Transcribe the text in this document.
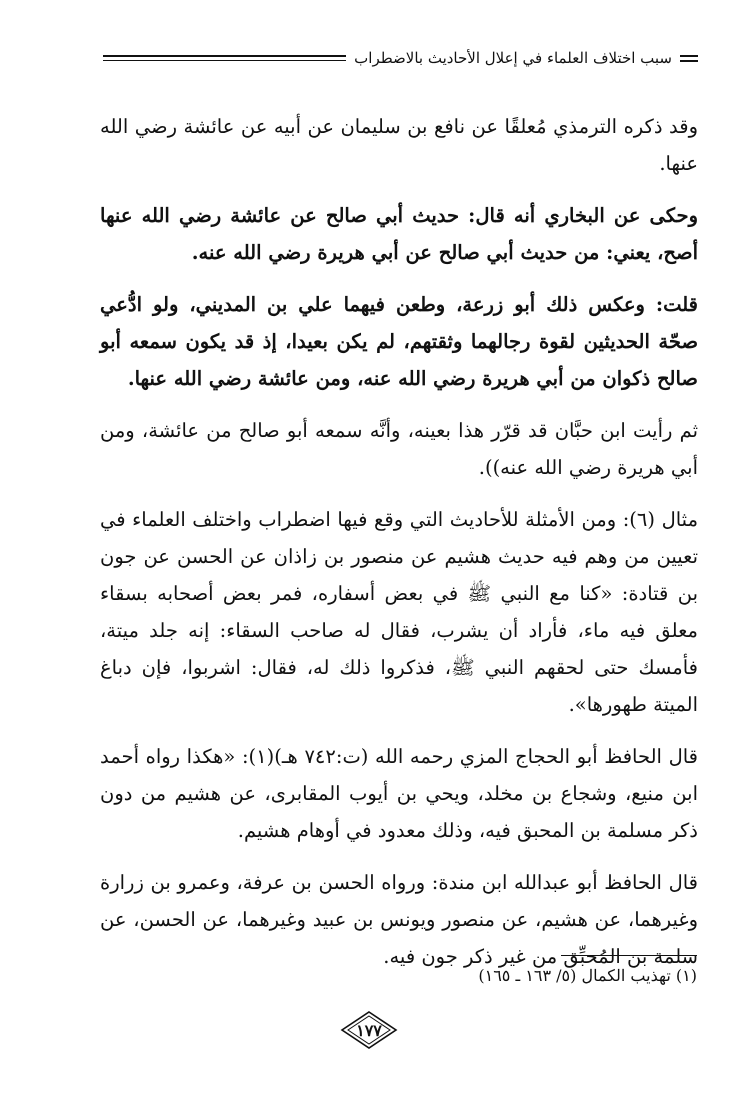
سبب اختلاف العلماء في إعلال الأحاديث بالاضطراب

وقد ذكره الترمذي مُعلقًا عن نافع بن سليمان عن أبيه عن عائشة رضي الله عنها.

وحكى عن البخاري أنه قال: حديث أبي صالح عن عائشة رضي الله عنها أصح، يعني: من حديث أبي صالح عن أبي هريرة رضي الله عنه.

قلت: وعكس ذلك أبو زرعة، وطعن فيهما علي بن المديني، ولو ادُّعي صحّة الحديثين لقوة رجالهما وثقتهم، لم يكن بعيدا، إذ قد يكون سمعه أبو صالح ذكوان من أبي هريرة رضي الله عنه، ومن عائشة رضي الله عنها.

ثم رأيت ابن حبَّان قد قرّر هذا بعينه، وأنَّه سمعه أبو صالح من عائشة، ومن أبي هريرة رضي الله عنه)).

مثال (٦): ومن الأمثلة للأحاديث التي وقع فيها اضطراب واختلف العلماء في تعيين من وهم فيه حديث هشيم عن منصور بن زاذان عن الحسن عن جون بن قتادة: «كنا مع النبي ﷺ في بعض أسفاره، فمر بعض أصحابه بسقاء معلق فيه ماء، فأراد أن يشرب، فقال له صاحب السقاء: إنه جلد ميتة، فأمسك حتى لحقهم النبي ﷺ، فذكروا ذلك له، فقال: اشربوا، فإن دباغ الميتة طهورها».

قال الحافظ أبو الحجاج المزي رحمه الله (ت:٧٤٢ هـ)(١): «هكذا رواه أحمد ابن منيع، وشجاع بن مخلد، ويحي بن أيوب المقابرى، عن هشيم من دون ذكر مسلمة بن المحبق فيه، وذلك معدود في أوهام هشيم.

قال الحافظ أبو عبدالله ابن مندة: ورواه الحسن بن عرفة، وعمرو بن زرارة وغيرهما، عن هشيم، عن منصور ويونس بن عبيد وغيرهما، عن الحسن، عن سلمة بن المُحبِّق من غير ذكر جون فيه.

(١) تهذيب الكمال (٥/ ١٦٣ ـ ١٦٥)
١٧٧
